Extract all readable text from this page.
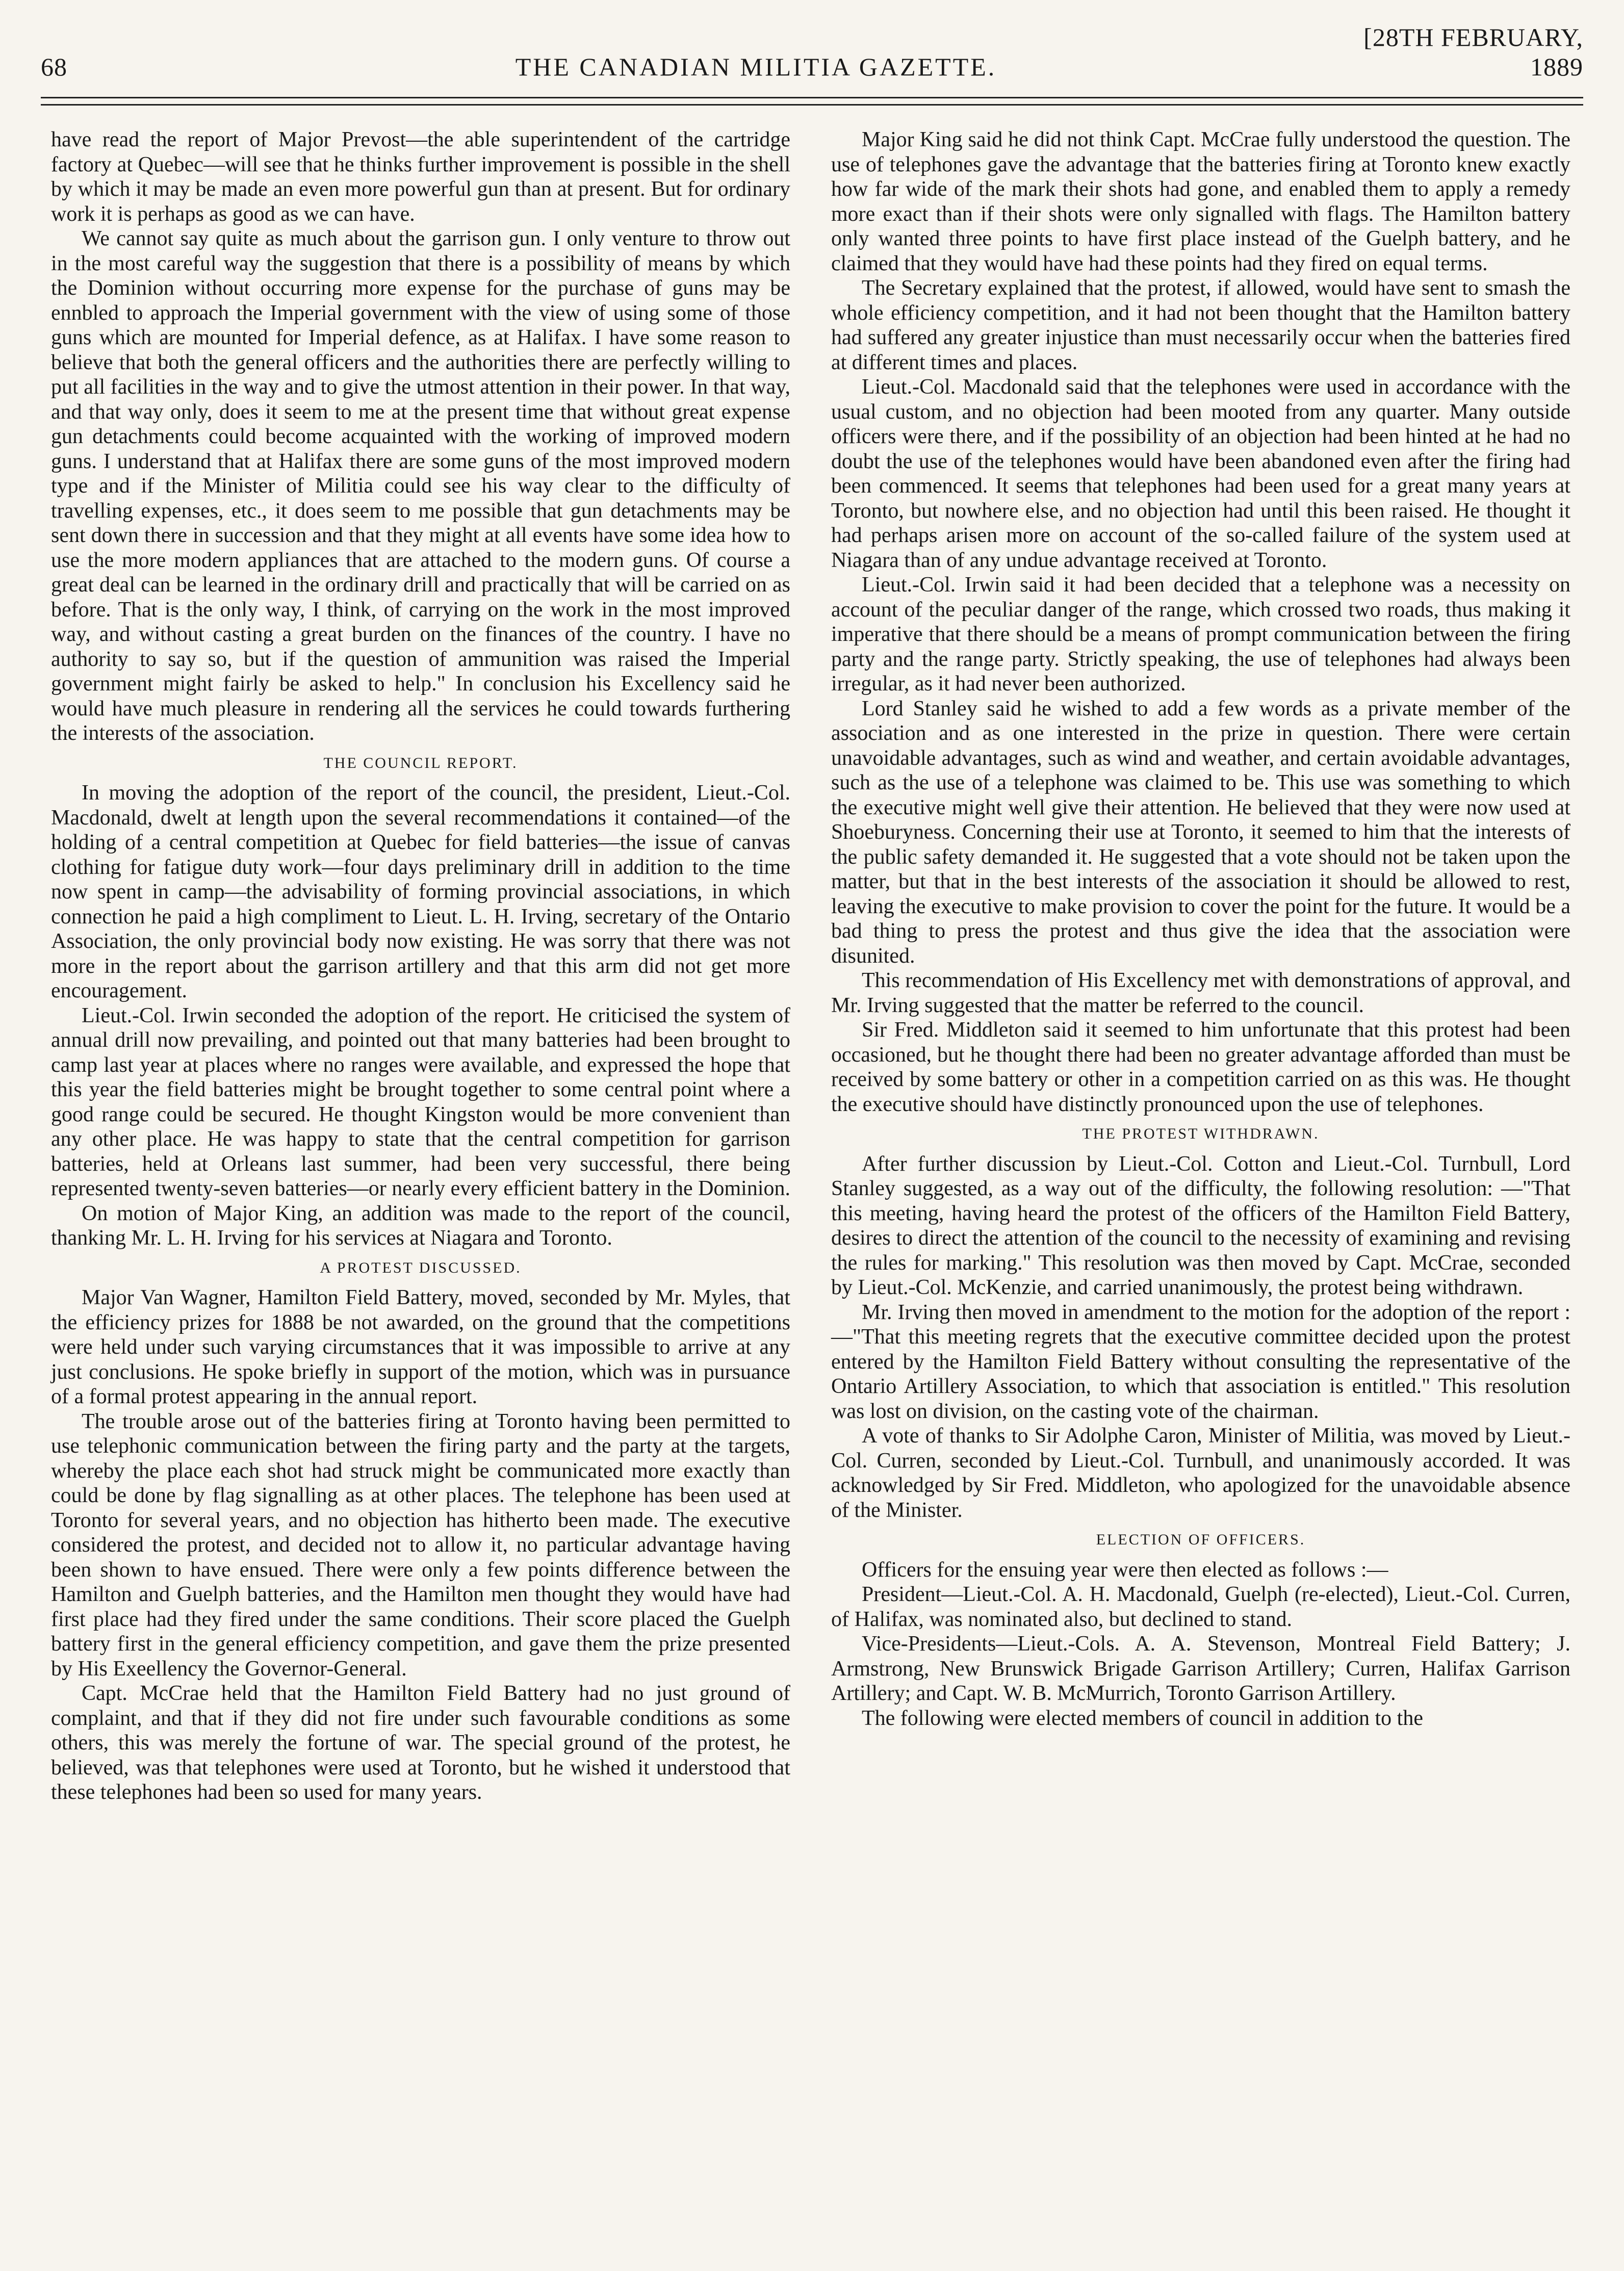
68	THE CANADIAN MILITIA GAZETTE.
[28TH FEBRUARY, 1889

have read the report of Major Prevost—the able superintendent of the cartridge factory at Quebec—will see that he thinks further improvement is possible in the shell by which it may be made an even more powerful gun than at present. But for ordinary work it is perhaps as good as we can have.

We cannot say quite as much about the garrison gun. I only venture to throw out in the most careful way the suggestion that there is a possibility of means by which the Dominion without occurring more expense for the purchase of guns may be ennbled to approach the Imperial government with the view of using some of those guns which are mounted for Imperial defence, as at Halifax. I have some reason to believe that both the general officers and the authorities there are perfectly willing to put all facilities in the way and to give the utmost attention in their power. In that way, and that way only, does it seem to me at the present time that without great expense gun detachments could become acquainted with the working of improved modern guns. I understand that at Halifax there are some guns of the most improved modern type and if the Minister of Militia could see his way clear to the difficulty of travelling expenses, etc., it does seem to me possible that gun detachments may be sent down there in succession and that they might at all events have some idea how to use the more modern appliances that are attached to the modern guns. Of course a great deal can be learned in the ordinary drill and practically that will be carried on as before. That is the only way, I think, of carrying on the work in the most improved way, and without casting a great burden on the finances of the country. I have no authority to say so, but if the question of ammunition was raised the Imperial government might fairly be asked to help." In conclusion his Excellency said he would have much pleasure in rendering all the services he could towards furthering the interests of the association.

THE COUNCIL REPORT.

In moving the adoption of the report of the council, the president, Lieut.-Col. Macdonald, dwelt at length upon the several recommendations it contained—of the holding of a central competition at Quebec for field batteries—the issue of canvas clothing for fatigue duty work—four days preliminary drill in addition to the time now spent in camp—the advisability of forming provincial associations, in which connection he paid a high compliment to Lieut. L. H. Irving, secretary of the Ontario Association, the only provincial body now existing. He was sorry that there was not more in the report about the garrison artillery and that this arm did not get more encouragement.

Lieut.-Col. Irwin seconded the adoption of the report. He criticised the system of annual drill now prevailing, and pointed out that many batteries had been brought to camp last year at places where no ranges were available, and expressed the hope that this year the field batteries might be brought together to some central point where a good range could be secured. He thought Kingston would be more convenient than any other place. He was happy to state that the central competition for garrison batteries, held at Orleans last summer, had been very successful, there being represented twenty-seven batteries—or nearly every efficient battery in the Dominion.

On motion of Major King, an addition was made to the report of the council, thanking Mr. L. H. Irving for his services at Niagara and Toronto.

A PROTEST DISCUSSED.

Major Van Wagner, Hamilton Field Battery, moved, seconded by Mr. Myles, that the efficiency prizes for 1888 be not awarded, on the ground that the competitions were held under such varying circumstances that it was impossible to arrive at any just conclusions. He spoke briefly in support of the motion, which was in pursuance of a formal protest appearing in the annual report.

The trouble arose out of the batteries firing at Toronto having been permitted to use telephonic communication between the firing party and the party at the targets, whereby the place each shot had struck might be communicated more exactly than could be done by flag signalling as at other places. The telephone has been used at Toronto for several years, and no objection has hitherto been made. The executive considered the protest, and decided not to allow it, no particular advantage having been shown to have ensued. There were only a few points difference between the Hamilton and Guelph batteries, and the Hamilton men thought they would have had first place had they fired under the same conditions. Their score placed the Guelph battery first in the general efficiency competition, and gave them the prize presented by His Exeellency the Governor-General.

Capt. McCrae held that the Hamilton Field Battery had no just ground of complaint, and that if they did not fire under such favourable conditions as some others, this was merely the fortune of war. The special ground of the protest, he believed, was that telephones were used at Toronto, but he wished it understood that these telephones had been so used for many years.

Major King said he did not think Capt. McCrae fully understood the question. The use of telephones gave the advantage that the batteries firing at Toronto knew exactly how far wide of the mark their shots had gone, and enabled them to apply a remedy more exact than if their shots were only signalled with flags. The Hamilton battery only wanted three points to have first place instead of the Guelph battery, and he claimed that they would have had these points had they fired on equal terms.

The Secretary explained that the protest, if allowed, would have sent to smash the whole efficiency competition, and it had not been thought that the Hamilton battery had suffered any greater injustice than must necessarily occur when the batteries fired at different times and places.

Lieut.-Col. Macdonald said that the telephones were used in accordance with the usual custom, and no objection had been mooted from any quarter. Many outside officers were there, and if the possibility of an objection had been hinted at he had no doubt the use of the telephones would have been abandoned even after the firing had been commenced. It seems that telephones had been used for a great many years at Toronto, but nowhere else, and no objection had until this been raised. He thought it had perhaps arisen more on account of the so-called failure of the system used at Niagara than of any undue advantage received at Toronto.

Lieut.-Col. Irwin said it had been decided that a telephone was a necessity on account of the peculiar danger of the range, which crossed two roads, thus making it imperative that there should be a means of prompt communication between the firing party and the range party. Strictly speaking, the use of telephones had always been irregular, as it had never been authorized.

Lord Stanley said he wished to add a few words as a private member of the association and as one interested in the prize in question. There were certain unavoidable advantages, such as wind and weather, and certain avoidable advantages, such as the use of a telephone was claimed to be. This use was something to which the executive might well give their attention. He believed that they were now used at Shoeburyness. Concerning their use at Toronto, it seemed to him that the interests of the public safety demanded it. He suggested that a vote should not be taken upon the matter, but that in the best interests of the association it should be allowed to rest, leaving the executive to make provision to cover the point for the future. It would be a bad thing to press the protest and thus give the idea that the association were disunited.

This recommendation of His Excellency met with demonstrations of approval, and Mr. Irving suggested that the matter be referred to the council.

Sir Fred. Middleton said it seemed to him unfortunate that this protest had been occasioned, but he thought there had been no greater advantage afforded than must be received by some battery or other in a competition carried on as this was. He thought the executive should have distinctly pronounced upon the use of telephones.

THE PROTEST WITHDRAWN.

After further discussion by Lieut.-Col. Cotton and Lieut.-Col. Turnbull, Lord Stanley suggested, as a way out of the difficulty, the following resolution: —"That this meeting, having heard the protest of the officers of the Hamilton Field Battery, desires to direct the attention of the council to the necessity of examining and revising the rules for marking." This resolution was then moved by Capt. McCrae, seconded by Lieut.-Col. McKenzie, and carried unanimously, the protest being withdrawn.

Mr. Irving then moved in amendment to the motion for the adoption of the report :—"That this meeting regrets that the executive committee decided upon the protest entered by the Hamilton Field Battery without consulting the representative of the Ontario Artillery Association, to which that association is entitled." This resolution was lost on division, on the casting vote of the chairman.

A vote of thanks to Sir Adolphe Caron, Minister of Militia, was moved by Lieut.-Col. Curren, seconded by Lieut.-Col. Turnbull, and unanimously accorded. It was acknowledged by Sir Fred. Middleton, who apologized for the unavoidable absence of the Minister.

ELECTION OF OFFICERS.

Officers for the ensuing year were then elected as follows :—

President—Lieut.-Col. A. H. Macdonald, Guelph (re-elected), Lieut.-Col. Curren, of Halifax, was nominated also, but declined to stand.

Vice-Presidents—Lieut.-Cols. A. A. Stevenson, Montreal Field Battery; J. Armstrong, New Brunswick Brigade Garrison Artillery; Curren, Halifax Garrison Artillery; and Capt. W. B. McMurrich, Toronto Garrison Artillery.

The following were elected members of council in addition to the
